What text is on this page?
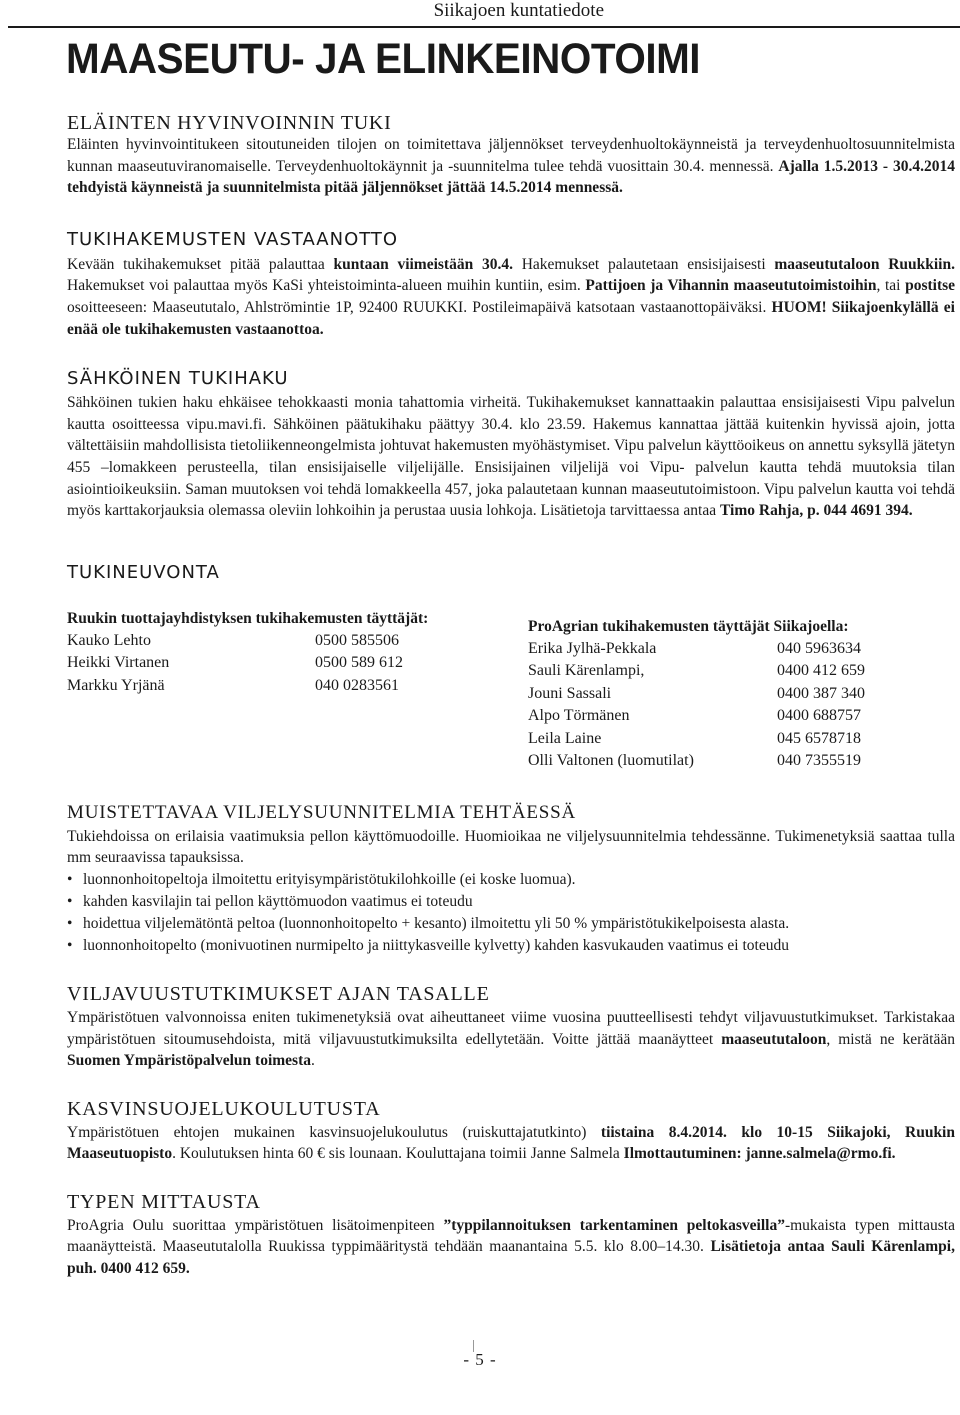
Siikajoen kuntatiedote
MAASEUTU- JA ELINKEINOTOIMI
ELÄINTEN HYVINVOINNIN TUKI

Eläinten hyvinvointitukeen sitoutuneiden tilojen on toimitettava jäljennökset terveydenhuoltokäynneistä ja terveydenhuoltosuunnitelmista kunnan maaseutuviranomaiselle. Terveydenhuoltokäynnit ja -suunnitelma tulee tehdä vuosittain 30.4. mennessä. Ajalla 1.5.2013 - 30.4.2014 tehdyistä käynneistä ja suunnitelmista pitää jäljennökset jättää 14.5.2014 mennessä.

TUKIHAKEMUSTEN VASTAANOTTO

Kevään tukihakemukset pitää palauttaa kuntaan viimeistään 30.4. Hakemukset palautetaan ensisijaisesti maaseututaloon Ruukkiin. Hakemukset voi palauttaa myös KaSi yhteistoiminta-alueen muihin kuntiin, esim. Pattijoen ja Vihannin maaseututoimistoihin, tai postitse osoitteeseen: Maaseututalo, Ahlströmintie 1P, 92400 RUUKKI. Postileimapäivä katsotaan vastaanottopäiväksi. HUOM! Siikajoenkylällä ei enää ole tukihakemusten vastaanottoa.

SÄHKÖINEN TUKIHAKU

Sähköinen tukien haku ehkäisee tehokkaasti monia tahattomia virheitä. Tukihakemukset kannattaakin palauttaa ensisijaisesti Vipu palvelun kautta osoitteessa vipu.mavi.fi. Sähköinen päätukihaku päättyy 30.4. klo 23.59. Hakemus kannattaa jättää kuitenkin hyvissä ajoin, jotta vältettäisiin mahdollisista tietoliikenneongelmista johtuvat hakemusten myöhästymiset. Vipu palvelun käyttöoikeus on annettu syksyllä jätetyn 455 –lomakkeen perusteella, tilan ensisijaiselle viljelijälle. Ensisijainen viljelijä voi Vipu- palvelun kautta tehdä muutoksia tilan asiointioikeuksiin. Saman muutoksen voi tehdä lomakkeella 457, joka palautetaan kunnan maaseututoimistoon. Vipu palvelun kautta voi tehdä myös karttakorjauksia olemassa oleviin lohkoihin ja perustaa uusia lohkoja. Lisätietoja tarvittaessa antaa Timo Rahja, p. 044 4691 394.

TUKINEUVONTA
Ruukin tuottajayhdistyksen tukihakemusten täyttäjät:
Kauko Lehto	0500 585506
Heikki Virtanen	0500 589 612
Markku Yrjänä	040 0283561
ProAgrian tukihakemusten täyttäjät Siikajoella:
Erika Jylhä-Pekkala	040 5963634
Sauli Kärenlampi,	0400 412 659
Jouni Sassali	0400 387 340
Alpo Törmänen	0400 688757
Leila Laine	045 6578718
Olli Valtonen (luomutilat)	040 7355519
MUISTETTAVAA VILJELYSUUNNITELMIA TEHTÄESSÄ

Tukiehdoissa on erilaisia vaatimuksia pellon käyttömuodoille. Huomioikaa ne viljelysuunnitelmia tehdessänne. Tukimenetyksiä saattaa tulla mm seuraavissa tapauksissa.

• luonnonhoitopeltoja ilmoitettu erityisympäristötukilohkoille (ei koske luomua).
• kahden kasvilajin tai pellon käyttömuodon vaatimus ei toteudu
• hoidettua viljelemätöntä peltoa (luonnonhoitopelto + kesanto) ilmoitettu yli 50 % ympäristötukikelpoisesta alasta.
• luonnonhoitopelto (monivuotinen nurmipelto ja niittykasveille kylvetty) kahden kasvukauden vaatimus ei toteudu
VILJAVUUSTUTKIMUKSET AJAN TASALLE

Ympäristötuen valvonnoissa eniten tukimenetyksiä ovat aiheuttaneet viime vuosina puutteellisesti tehdyt viljavuustutkimukset. Tarkistakaa ympäristötuen sitoumusehdoista, mitä viljavuustutkimuksilta edellytetään. Voitte jättää maanäytteet maaseututaloon, mistä ne kerätään Suomen Ympäristöpalvelun toimesta.

KASVINSUOJELUKOULUTUSTA

Ympäristötuen ehtojen mukainen kasvinsuojelukoulutus (ruiskuttajatutkinto) tiistaina 8.4.2014. klo 10-15 Siikajoki, Ruukin Maaseutuopisto. Koulutuksen hinta 60 € sis lounaan. Kouluttajana toimii Janne Salmela Ilmottautuminen: janne.salmela@rmo.fi.

TYPEN MITTAUSTA

ProAgria Oulu suorittaa ympäristötuen lisätoimenpiteen ”typpilannoituksen tarkentaminen peltokasveilla”-mukaista typen mittausta maanäytteistä. Maaseututalolla Ruukissa typpimääritystä tehdään maanantaina 5.5. klo 8.00–14.30. Lisätietoja antaa Sauli Kärenlampi, puh. 0400 412 659.

- 5 -
